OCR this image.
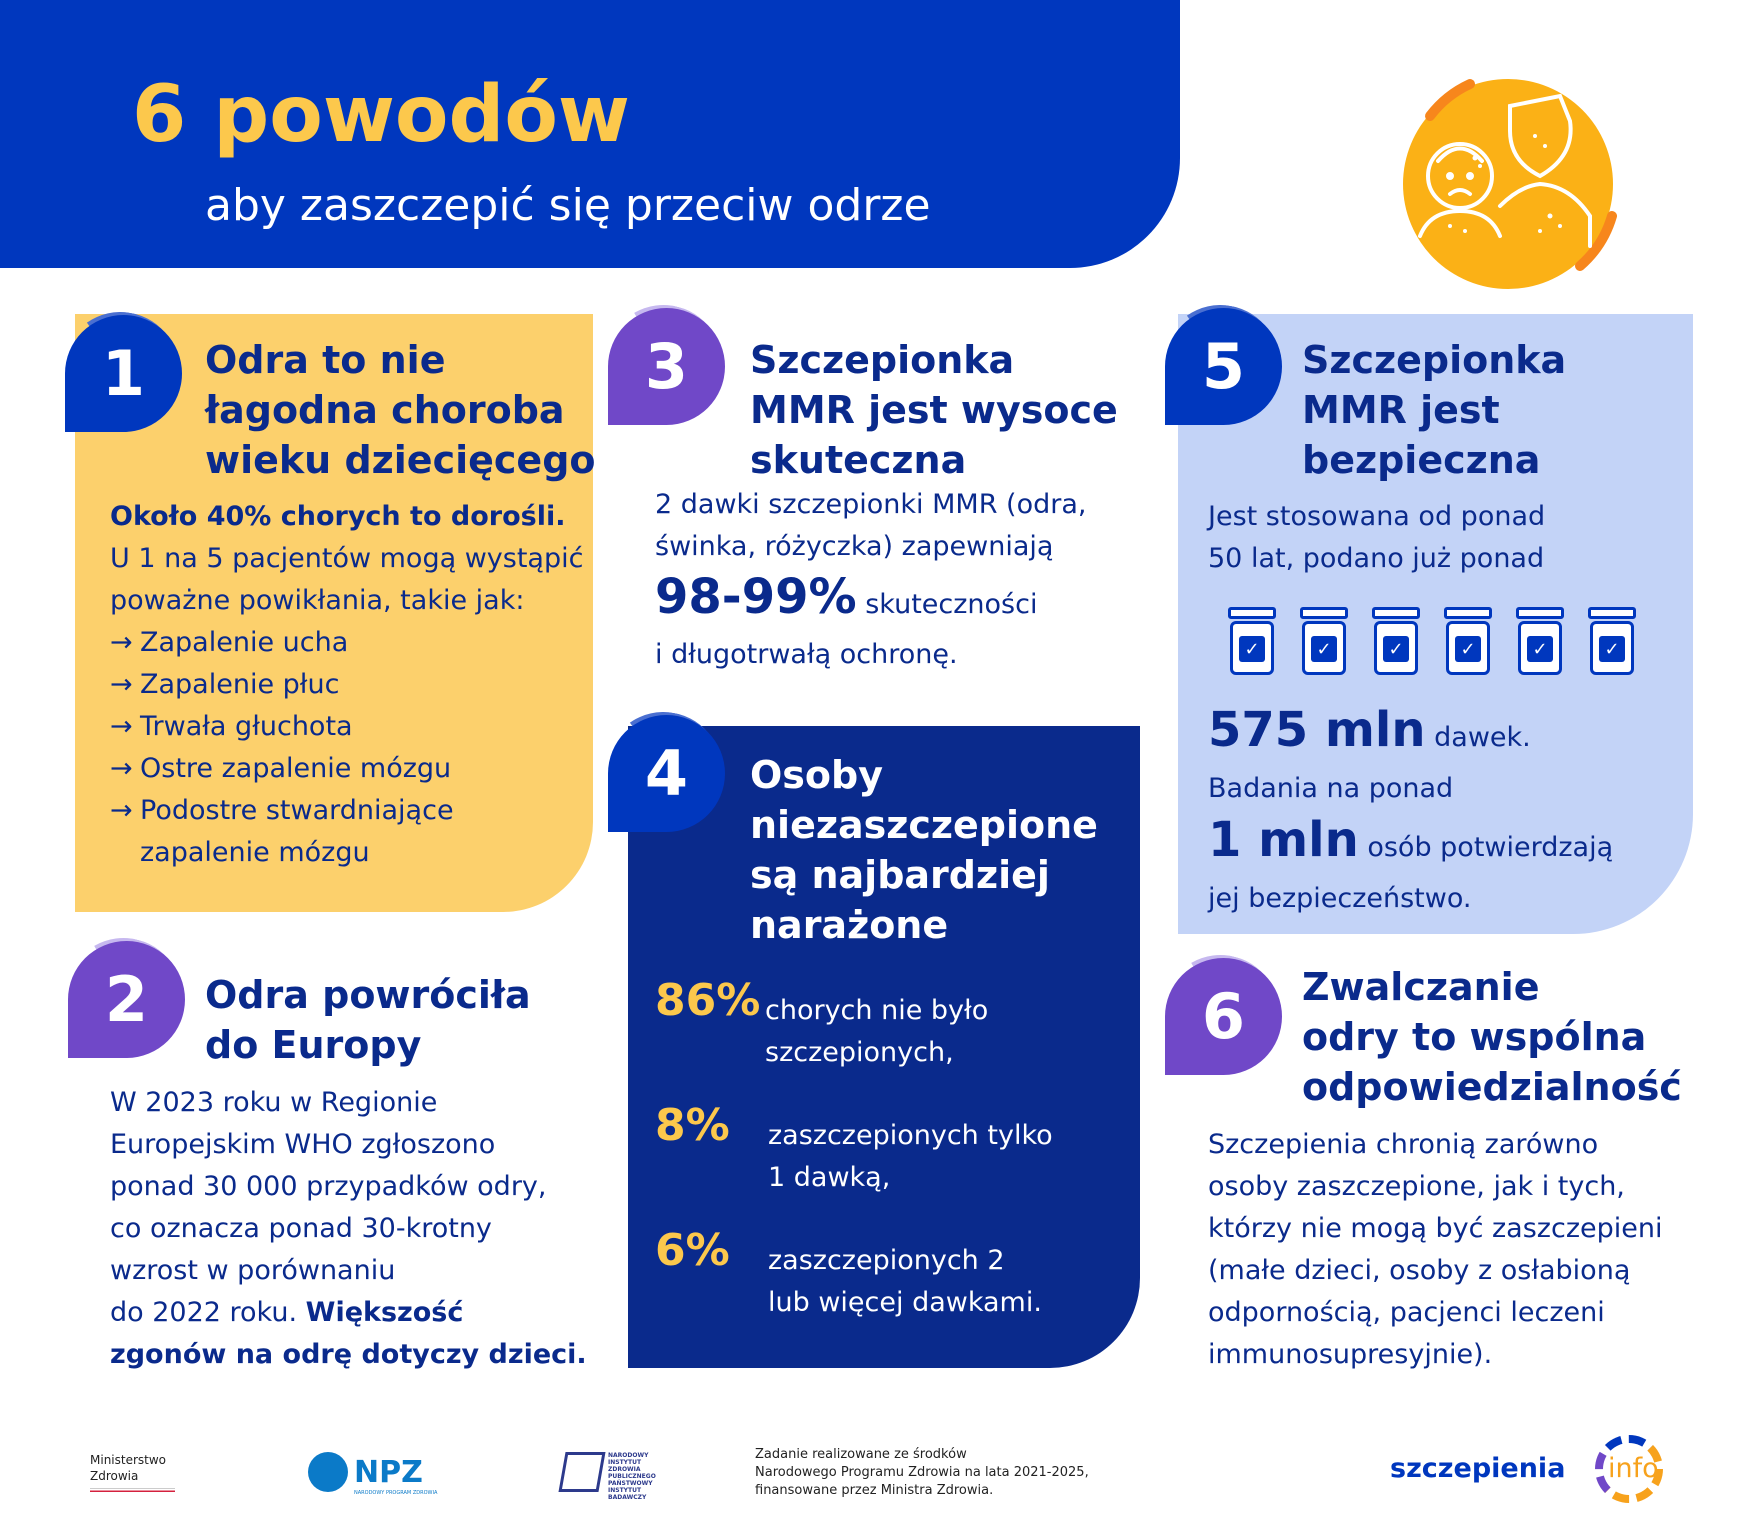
6 powodów
aby zaszczepić się przeciw odrze
1	Odra to nie
łagodna choroba
wieku dziecięcego
Około 40% chorych to dorośli.
U 1 na 5 pacjentów mogą wystąpić
poważne powikłania, takie jak:
→ Zapalenie ucha
→ Zapalenie płuc
→ Trwała głuchota
→ Ostre zapalenie mózgu
→ Podostre stwardniające
zapalenie mózgu
2	Odra powróciła
do Europy
W 2023 roku w Regionie
Europejskim WHO zgłoszono
ponad 30 000 przypadków odry,
co oznacza ponad 30-krotny
wzrost w porównaniu
do 2022 roku. Większość
zgonów na odrę dotyczy dzieci.
3	Szczepionka
MMR jest wysoce
skuteczna
2 dawki szczepionki MMR (odra,
świnka, różyczka) zapewniają
98-99% skuteczności
i długotrwałą ochronę.
4	Osoby
niezaszczepione
są najbardziej
narażone
86% chorych nie było
szczepionych,
8% zaszczepionych tylko
1 dawką,
6% zaszczepionych 2
lub więcej dawkami.
5	Szczepionka
MMR jest
bezpieczna
Jest stosowana od ponad
50 lat, podano już ponad
✓	✓	✓	✓	✓	✓
575 mln dawek.
Badania na ponad
1 mln osób potwierdzają
jej bezpieczeństwo.
6	Zwalczanie
odry to wspólna
odpowiedzialność
Szczepienia chronią zarówno
osoby zaszczepione, jak i tych,
którzy nie mogą być zaszczepieni
(małe dzieci, osoby z osłabioną
odpornością, pacjenci leczeni
immunosupresyjnie).
Ministerstwo
Zdrowia	NPZ
NARODOWY PROGRAM ZDROWIA
NARODOWY
INSTYTUT
ZDROWIA
PUBLICZNEGO
PAŃSTWOWY INSTYTUT
BADAWCZY
Zadanie realizowane ze środków
Narodowego Programu Zdrowia na lata 2021-2025,
finansowane przez Ministra Zdrowia.
szczepienia info
